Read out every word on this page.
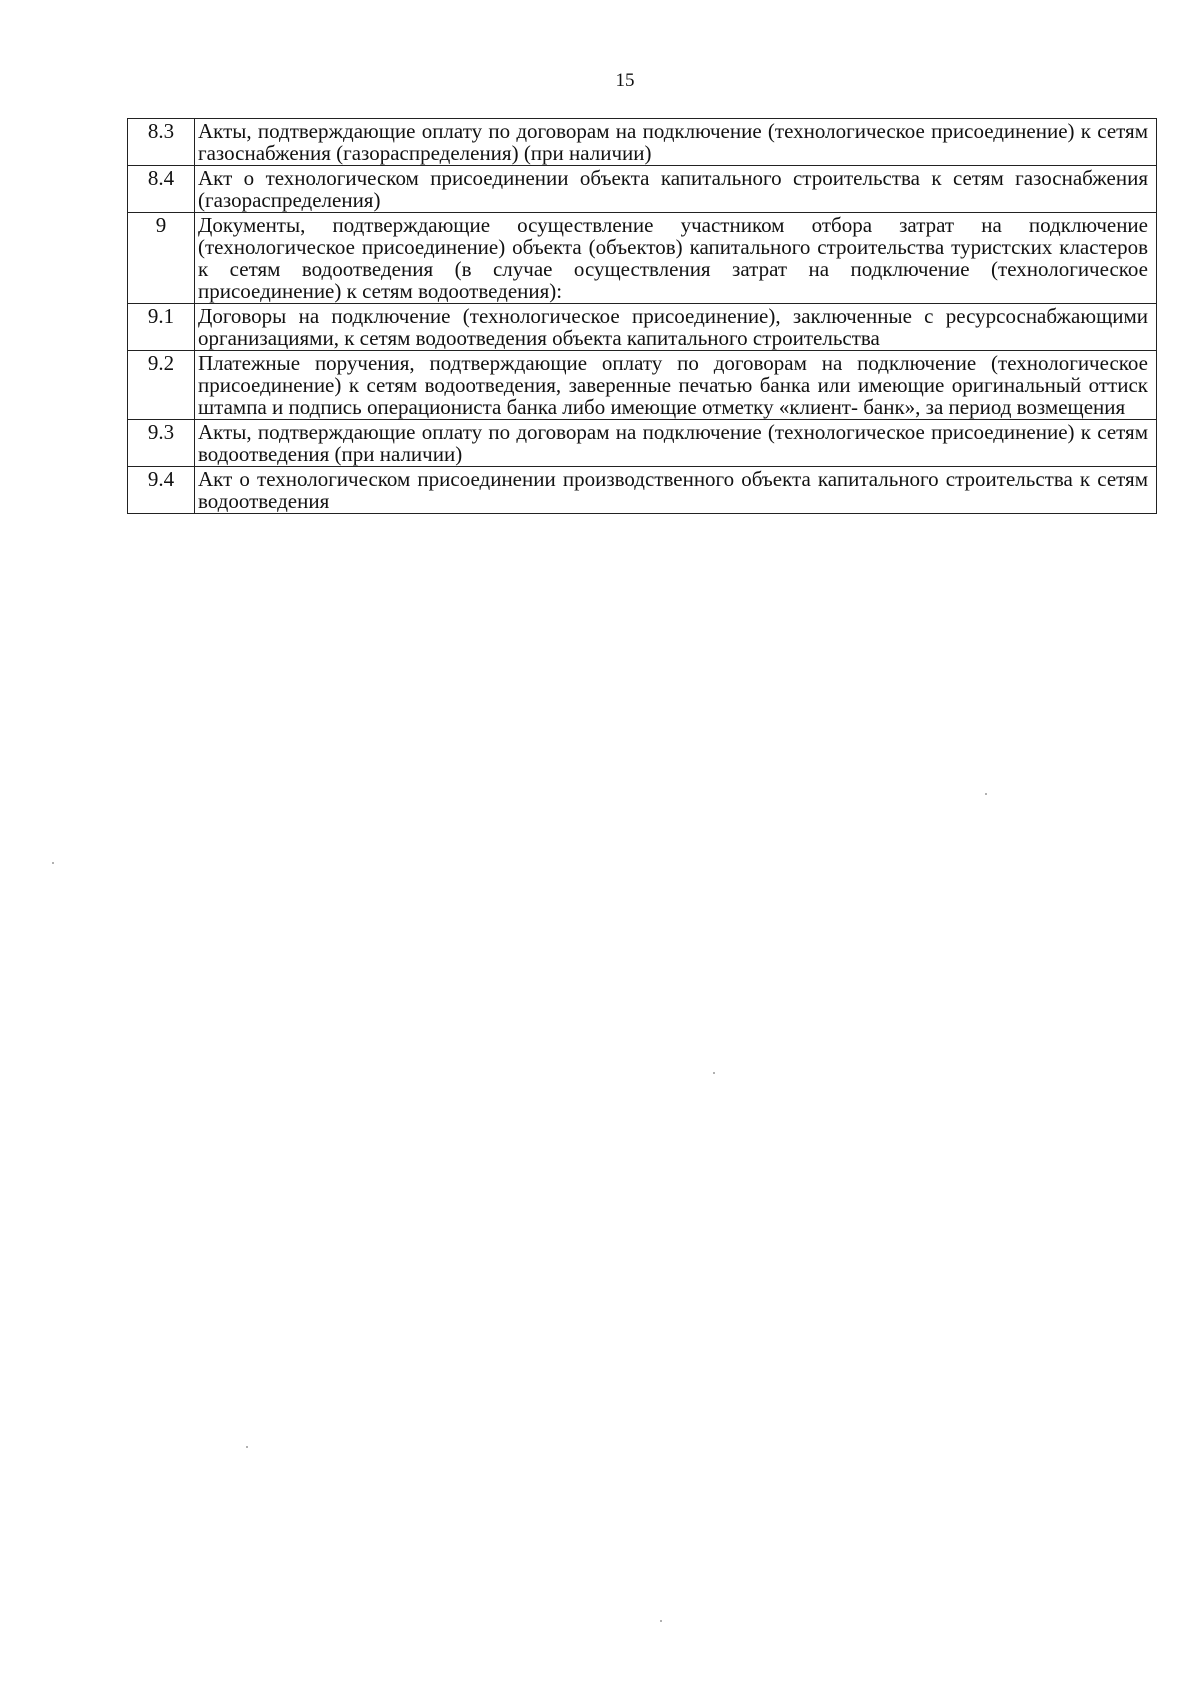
15
8.3	Акты, подтверждающие оплату по договорам на подключение (технологическое присоединение) к сетям газоснабжения (газораспределения) (при наличии)
8.4	Акт о технологическом присоединении объекта капитального строительства к сетям газоснабжения (газораспределения)
9	Документы, подтверждающие осуществление участником отбора затрат на подключение (технологическое присоединение) объекта (объектов) капитального строительства туристских кластеров к сетям водоотведения (в случае осуществления затрат на подключение (технологическое присоединение) к сетям водоотведения):
9.1	Договоры на подключение (технологическое присоединение), заключенные с ресурсоснабжающими организациями, к сетям водоотведения объекта капитального строительства
9.2	Платежные поручения, подтверждающие оплату по договорам на подключение (технологическое присоединение) к сетям водоотведения, заверенные печатью банка или имеющие оригинальный оттиск штампа и подпись операциониста банка либо имеющие отметку «клиент- банк», за период возмещения
9.3	Акты, подтверждающие оплату по договорам на подключение (технологическое присоединение) к сетям водоотведения (при наличии)
9.4	Акт о технологическом присоединении производственного объекта капитального строительства к сетям водоотведения
